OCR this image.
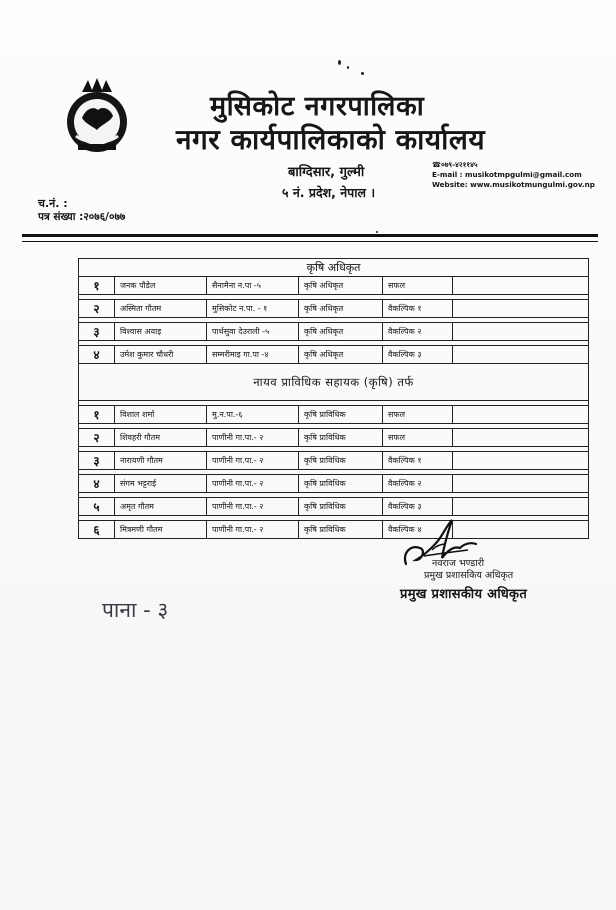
मुसिकोट नगरपालिका
नगर कार्यपालिकाको कार्यालय
बाग्दिसार, गुल्मी
५ नं. प्रदेश, नेपाल ।
☎०७९-४२११४५
E-mail : musikotmpgulmi@gmail.com
Website: www.musikotmungulmi.gov.np
च.नं. :
पत्र संख्या :२०७६/०७७
कृषि अधिकृत					
१	जनक पौडेल	सैनामैना न.पा -५	कृषि अधिकृत	सफल	

२	अस्मिता गौतम	मुसिकोट न.पा. - १	कृषि अधिकृत	वैकल्पिक १	

३	विश्वास अयाइ	पार्थसुवा देउराली -५	कृषि अधिकृत	वैकल्पिक २	

४	उमेश कुमार चौधरी	सम्मरीमाइ गा.पा -४	कृषि अधिकृत	वैकल्पिक ३	
नायव प्राविधिक सहायक (कृषि) तर्फ					

१	विशाल शर्मा	मु.न.पा.-६	कृषि प्राविधिक	सफल	

२	शिवहरी गौतम	पाणीनी गा.पा.- २	कृषि प्राविधिक	सफल	

३	नारायणी गौतम	पाणीनी गा.पा.- २	कृषि प्राविधिक	वैकल्पिक १	

४	संगम भट्टराई	पाणीनी गा.पा.- २	कृषि प्राविधिक	वैकल्पिक २	

५	अमृत गौतम	पाणीनी गा.पा.- २	कृषि प्राविधिक	वैकल्पिक ३	

६	मित्रमणी गौतम	पाणीनी गा.पा.- २	कृषि प्राविधिक	वैकल्पिक ४	
नवराज भण्डारी
प्रमुख प्रशासकिय अधिकृत
प्रमुख प्रशासकीय अधिकृत
पाना - ३
